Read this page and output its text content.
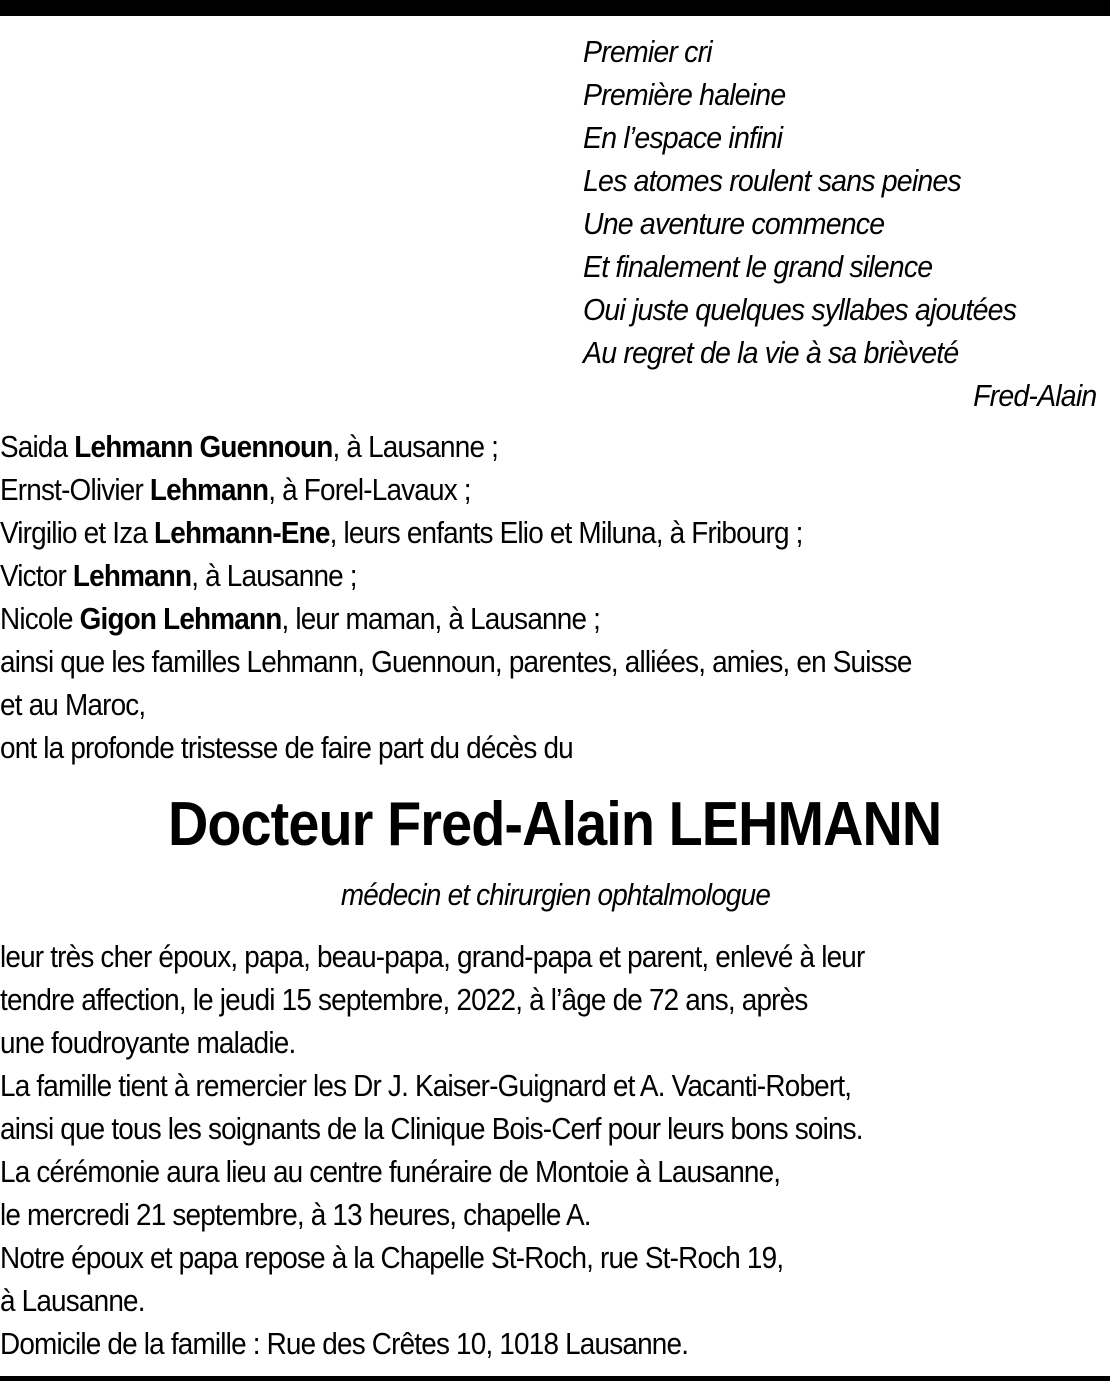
Premier cri
Première haleine
En l’espace infini
Les atomes roulent sans peines
Une aventure commence
Et finalement le grand silence
Oui juste quelques syllabes ajoutées
Au regret de la vie à sa brièveté
Fred-Alain
Saida Lehmann Guennoun, à Lausanne ;
Ernst-Olivier Lehmann, à Forel-Lavaux ;
Virgilio et Iza Lehmann-Ene, leurs enfants Elio et Miluna, à Fribourg ;
Victor Lehmann, à Lausanne ;
Nicole Gigon Lehmann, leur maman, à Lausanne ;
ainsi que les familles Lehmann, Guennoun, parentes, alliées, amies, en Suisse
et au Maroc,
ont la profonde tristesse de faire part du décès du
Docteur Fred-Alain LEHMANN
médecin et chirurgien ophtalmologue
leur très cher époux, papa, beau-papa, grand-papa et parent, enlevé à leur
tendre affection, le jeudi 15 septembre, 2022, à l’âge de 72 ans, après
une foudroyante maladie.
La famille tient à remercier les Dr J. Kaiser-Guignard et A. Vacanti-Robert,
ainsi que tous les soignants de la Clinique Bois-Cerf pour leurs bons soins.
La cérémonie aura lieu au centre funéraire de Montoie à Lausanne,
le mercredi 21 septembre, à 13 heures, chapelle A.
Notre époux et papa repose à la Chapelle St-Roch, rue St-Roch 19,
à Lausanne.
Domicile de la famille : Rue des Crêtes 10, 1018 Lausanne.
